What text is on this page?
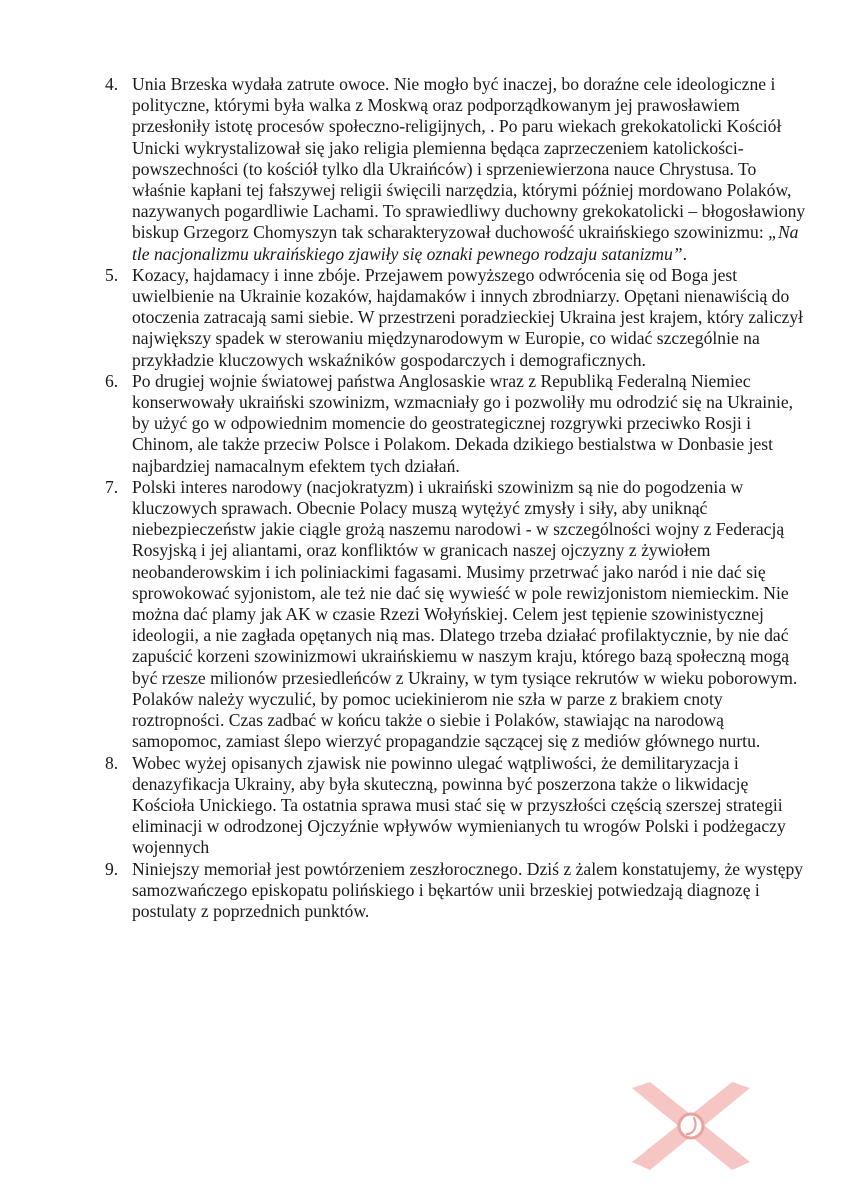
4. Unia Brzeska wydała zatrute owoce. Nie mogło być inaczej, bo doraźne cele ideologiczne i polityczne, którymi była walka z Moskwą oraz podporządkowanym jej prawosławiem przesłoniły istotę procesów społeczno-religijnych, . Po paru wiekach grekokatolicki Kościół Unicki wykrystalizował się jako religia plemienna będąca zaprzeczeniem katolickości-powszechności (to kościół tylko dla Ukraińców) i sprzeniewierzona nauce Chrystusa. To właśnie kapłani tej fałszywej religii święcili narzędzia, którymi później mordowano Polaków, nazywanych pogardliwie Lachami. To sprawiedliwy duchowny grekokatolicki – błogosławiony biskup Grzegorz Chomyszyn tak scharakteryzował duchowość ukraińskiego szowinizmu: „Na tle nacjonalizmu ukraińskiego zjawiły się oznaki pewnego rodzaju satanizmu”.
5. Kozacy, hajdamacy i inne zbóje. Przejawem powyższego odwrócenia się od Boga jest uwielbienie na Ukrainie kozaków, hajdamaków i innych zbrodniarzy. Opętani nienawiścią do otoczenia zatracają sami siebie. W przestrzeni poradzieckiej Ukraina jest krajem, który zaliczył największy spadek w sterowaniu międzynarodowym w Europie, co widać szczególnie na przykładzie kluczowych wskaźników gospodarczych i demograficznych.
6. Po drugiej wojnie światowej państwa Anglosaskie wraz z Republiką Federalną Niemiec konserwowały ukraiński szowinizm, wzmacniały go i pozwoliły mu odrodzić się na Ukrainie, by użyć go w odpowiednim momencie do geostrategicznej rozgrywki przeciwko Rosji i Chinom, ale także przeciw Polsce i Polakom. Dekada dzikiego bestialstwa w Donbasie jest najbardziej namacalnym efektem tych działań.
7. Polski interes narodowy (nacjokratyzm) i ukraiński szowinizm są nie do pogodzenia w kluczowych sprawach. Obecnie Polacy muszą wytężyć zmysły i siły, aby uniknąć niebezpieczeństw jakie ciągle grożą naszemu narodowi - w szczególności wojny z Federacją Rosyjską i jej aliantami, oraz konfliktów w granicach naszej ojczyzny z żywiołem neobanderowskim i ich poliniackimi fagasami. Musimy przetrwać jako naród i nie dać się sprowokować syjonistom, ale też nie dać się wywieść w pole rewizjonistom niemieckim. Nie można dać plamy jak AK w czasie Rzezi Wołyńskiej. Celem jest tępienie szowinistycznej ideologii, a nie zagłada opętanych nią mas. Dlatego trzeba działać profilaktycznie, by nie dać zapuścić korzeni szowinizmowi ukraińskiemu w naszym kraju, którego bazą społeczną mogą być rzesze milionów przesiedleńców z Ukrainy, w tym tysiące rekrutów w wieku poborowym. Polaków należy wyczulić, by pomoc uciekinierom nie szła w parze z brakiem cnoty roztropności. Czas zadbać w końcu także o siebie i Polaków, stawiając na narodową samopomoc, zamiast ślepo wierzyć propagandzie sączącej się z mediów głównego nurtu.
8. Wobec wyżej opisanych zjawisk nie powinno ulegać wątpliwości, że demilitaryzacja i denazyfikacja Ukrainy, aby była skuteczną, powinna być poszerzona także o likwidację Kościoła Unickiego. Ta ostatnia sprawa musi stać się w przyszłości częścią szerszej strategii eliminacji w odrodzonej Ojczyźnie wpływów wymienianych tu wrogów Polski i podżegaczy wojennych
9. Niniejszy memoriał jest powtórzeniem zeszłorocznego. Dziś z żalem konstatujemy, że występy samozwańczego episkopatu polińskiego i bękartów unii brzeskiej potwiedzają diagnozę i postulaty z poprzednich punktów.
